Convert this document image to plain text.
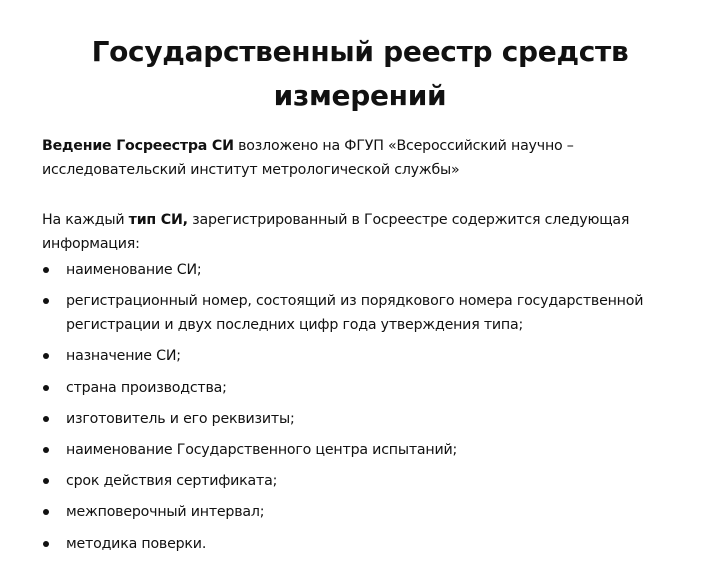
Государственный реестр средств измерений
Ведение Госреестра СИ возложено на ФГУП «Всероссийский научно – исследовательский институт метрологической службы»
На каждый тип СИ, зарегистрированный в Госреестре содержится следующая информация:
наименование СИ;
регистрационный номер, состоящий из порядкового номера государственной регистрации и двух последних цифр года утверждения типа;
назначение СИ;
страна производства;
изготовитель и его реквизиты;
наименование Государственного центра испытаний;
срок действия сертификата;
межповерочный интервал;
методика поверки.
